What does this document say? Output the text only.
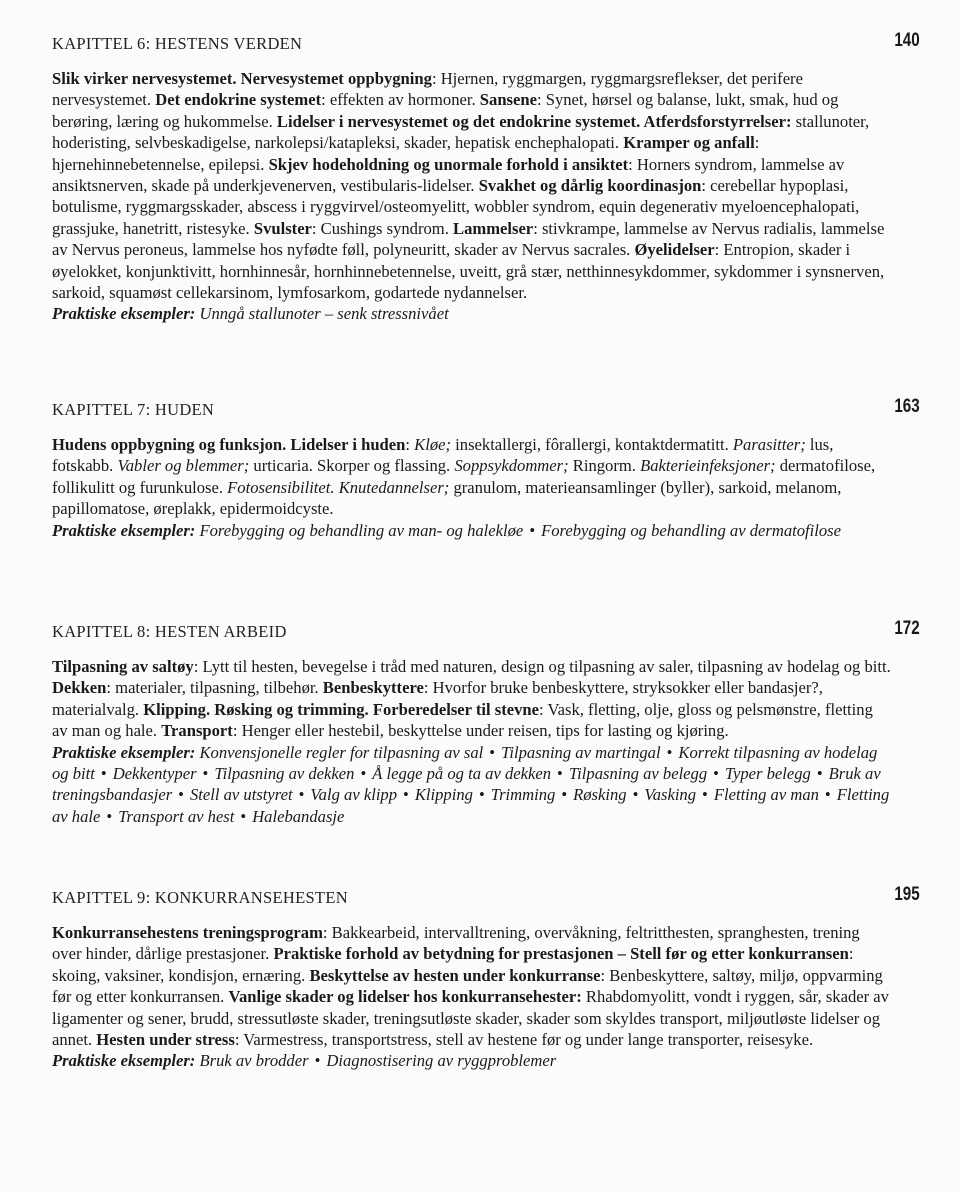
KAPITTEL 6: HESTENS VERDEN	140

Slik virker nervesystemet. Nervesystemet oppbygning: Hjernen, ryggmargen, ryggmargsreflekser, det perifere nervesystemet. Det endokrine systemet: effekten av hormoner. Sansene: Synet, hørsel og balanse, lukt, smak, hud og berøring, læring og hukommelse. Lidelser i nervesystemet og det endokrine systemet. Atferdsforstyrrelser: stallunoter, hoderisting, selvbeskadigelse, narkolepsi/katapleksi, skader, hepatisk enchephalopati. Kramper og anfall: hjernehinnebetennelse, epilepsi. Skjev hodeholdning og unormale forhold i ansiktet: Horners syndrom, lammelse av ansiktsnerven, skade på underkjevenerven, vestibularis-lidelser. Svakhet og dårlig koordinasjon: cerebellar hypoplasi, botulisme, ryggmargsskader, abscess i ryggvirvel/osteomyelitt, wobbler syndrom, equin degenerativ myeloencephalopati, grassjuke, hanetritt, ristesyke. Svulster: Cushings syndrom. Lammelser: stivkrampe, lammelse av Nervus radialis, lammelse av Nervus peroneus, lammelse hos nyfødte føll, polyneuritt, skader av Nervus sacrales. Øyelidelser: Entropion, skader i øyelokket, konjunktivitt, hornhinnesår, hornhinnebetennelse, uveitt, grå stær, netthinnesykdommer, sykdommer i synsnerven, sarkoid, squamøst cellekarsinom, lymfosarkom, godartede nydannelser.

Praktiske eksempler: Unngå stallunoter – senk stressnivået

KAPITTEL 7: HUDEN	163

Hudens oppbygning og funksjon. Lidelser i huden: Kløe; insektallergi, fôrallergi, kontaktdermatitt. Parasitter; lus, fotskabb. Vabler og blemmer; urticaria. Skorper og flassing. Soppsykdommer; Ringorm. Bakterieinfeksjoner; dermatofilose, follikulitt og furunkulose. Fotosensibilitet. Knutedannelser; granulom, materieansamlinger (byller), sarkoid, melanom, papillomatose, øreplakk, epidermoidcyste.

Praktiske eksempler: Forebygging og behandling av man- og halekløe • Forebygging og behandling av dermatofilose

KAPITTEL 8: HESTEN ARBEID	172

Tilpasning av saltøy: Lytt til hesten, bevegelse i tråd med naturen, design og tilpasning av saler, tilpasning av hodelag og bitt. Dekken: materialer, tilpasning, tilbehør. Benbeskyttere: Hvorfor bruke benbeskyttere, stryksokker eller bandasjer?, materialvalg. Klipping. Røsking og trimming. Forberedelser til stevne: Vask, fletting, olje, gloss og pelsmønstre, fletting av man og hale. Transport: Henger eller hestebil, beskyttelse under reisen, tips for lasting og kjøring.

Praktiske eksempler: Konvensjonelle regler for tilpasning av sal • Tilpasning av martingal • Korrekt tilpasning av hodelag og bitt • Dekkentyper • Tilpasning av dekken • Å legge på og ta av dekken • Tilpasning av belegg • Typer belegg • Bruk av treningsbandasjer • Stell av utstyret • Valg av klipp • Klipping • Trimming • Røsking • Vasking • Fletting av man • Fletting av hale • Transport av hest • Halebandasje

KAPITTEL 9: KONKURRANSEHESTEN	195

Konkurransehestens treningsprogram: Bakkearbeid, intervalltrening, overvåkning, feltritthesten, spranghesten, trening over hinder, dårlige prestasjoner. Praktiske forhold av betydning for prestasjonen – Stell før og etter konkurransen: skoing, vaksiner, kondisjon, ernæring. Beskyttelse av hesten under konkurranse: Benbeskyttere, saltøy, miljø, oppvarming før og etter konkurransen. Vanlige skader og lidelser hos konkurransehester: Rhabdomyolitt, vondt i ryggen, sår, skader av ligamenter og sener, brudd, stressutløste skader, treningsutløste skader, skader som skyldes transport, miljøutløste lidelser og annet. Hesten under stress: Varmestress, transportstress, stell av hestene før og under lange transporter, reisesyke.

Praktiske eksempler: Bruk av brodder • Diagnostisering av ryggproblemer
